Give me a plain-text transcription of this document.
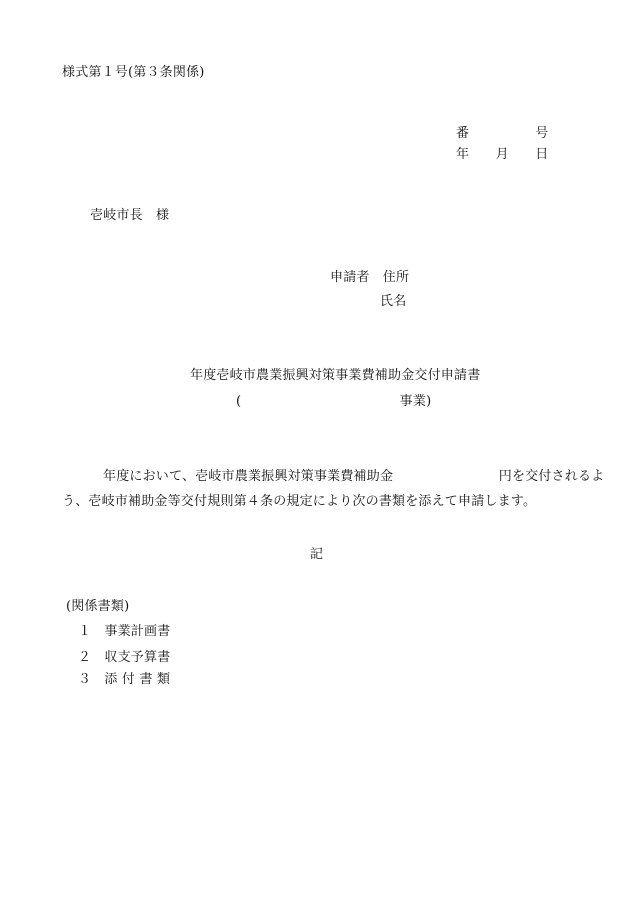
様式第１号(第３条関係)
番　　　　　号
年　　月　　日
壱岐市長　様
申請者　住所
氏名
年度壱岐市農業振興対策事業費補助金交付申請書
(　　　　　　　　　　　　事業)
年度において、壱岐市農業振興対策事業費補助金　　　　　　　　円を交付されるよ
う、壱岐市補助金等交付規則第４条の規定により次の書類を添えて申請します。
記
(関係書類)
１　事業計画書
２　収支予算書
３　添 付 書 類
